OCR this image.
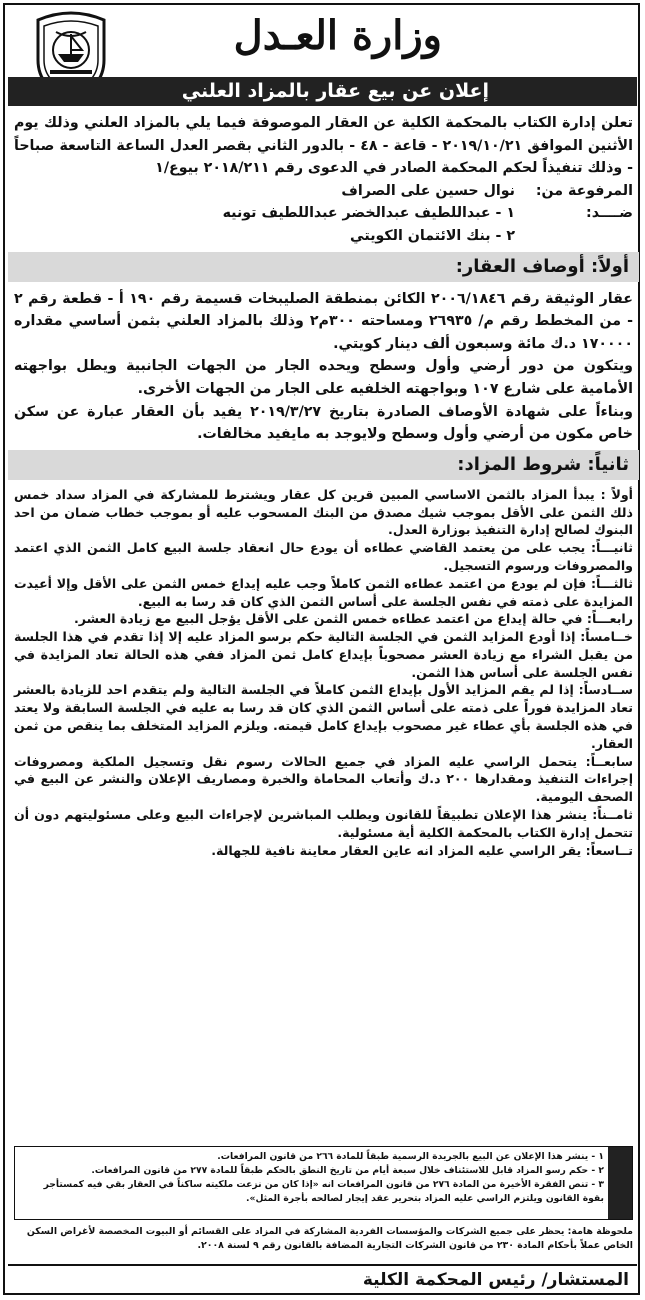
وزارة العـدل
إعلان عن بيع عقار بالمزاد العلني

تعلن إدارة الكتاب بالمحكمة الكلية عن العقار الموصوفة فيما يلي بالمزاد العلني وذلك يوم الأثنين الموافق ٢٠١٩/١٠/٢١ - قاعة - ٤٨ - بالدور الثاني بقصر العدل الساعة التاسعة صباحاً - وذلك تنفيذاً لحكم المحكمة الصادر في الدعوى رقم ٢٠١٨/٢١١ بيوع/١

المرفوعة من:
نوال حسين على الصراف
ضــــد:
١ - عبداللطيف عبدالخضر عبداللطيف تونيه
٢ - بنك الائتمان الكويتي
أولاً: أوصاف العقار:

عقار الوثيقة رقم ٢٠٠٦/١٨٤٦ الكائن بمنطقة الصليبخات قسيمة رقم ١٩٠ أ - قطعة رقم ٢ - من المخطط رقم م/ ٢٦٩٣٥ ومساحته ٣٠٠م٢ وذلك بالمزاد العلني بثمن أساسي مقداره ١٧٠٠٠٠ د.ك مائة وسبعون ألف دينار كويتي.

ويتكون من دور أرضي وأول وسطح ويحده الجار من الجهات الجانبية ويطل بواجهته الأمامية على شارع ١٠٧ وبواجهته الخلفيه على الجار من الجهات الأخرى.

وبناءاً على شهادة الأوصاف الصادرة بتاريخ ٢٠١٩/٣/٢٧ يفيد بأن العقار عبارة عن سكن خاص مكون من أرضي وأول وسطح ولايوجد به مايفيد مخالفات.

ثانياً: شروط المزاد:

أولاً : يبدأ المزاد بالثمن الاساسي المبين قرين كل عقار ويشترط للمشاركة في المزاد سداد خمس ذلك الثمن على الأقل بموجب شيك مصدق من البنك المسحوب عليه أو بموجب خطاب ضمان من احد البنوك لصالح إدارة التنفيذ بوزارة العدل.

ثانيـــاً: يجب على من يعتمد القاضي عطاءه أن يودع حال انعقاد جلسة البيع كامل الثمن الذي اعتمد والمصروفات ورسوم التسجيل.

ثالثـــاً: فإن لم يودع من اعتمد عطاءه الثمن كاملاً وجب عليه إيداع خمس الثمن على الأقل وإلا أعيدت المزايدة على ذمته في نفس الجلسة على أساس الثمن الذي كان قد رسا به البيع.

رابعـــاً: في حالة إيداع من اعتمد عطاءه خمس الثمن على الأقل يؤجل البيع مع زيادة العشر.

خــامساً: إذا أودع المزايد الثمن في الجلسة التالية حكم برسو المزاد عليه إلا إذا تقدم في هذا الجلسة من يقبل الشراء مع زيادة العشر مصحوباً بإيداع كامل ثمن المزاد ففي هذه الحالة تعاد المزايدة في نفس الجلسة على أساس هذا الثمن.

ســادساً: إذا لم يقم المزايد الأول بإيداع الثمن كاملاً في الجلسة التالية ولم يتقدم احد للزيادة بالعشر تعاد المزايدة فوراً على ذمته على أساس الثمن الذي كان قد رسا به عليه في الجلسة السابقة ولا يعتد في هذه الجلسة بأي عطاء غير مصحوب بإيداع كامل قيمته. ويلزم المزايد المتخلف بما ينقص من ثمن العقار.

سابعــاً: يتحمل الراسي عليه المزاد في جميع الحالات رسوم نقل وتسجيل الملكية ومصروفات إجراءات التنفيذ ومقدارها ٢٠٠ د.ك وأتعاب المحاماة والخبرة ومصاريف الإعلان والنشر عن البيع في الصحف اليومية.

ثامــناً: ينشر هذا الإعلان تطبيقاً للقانون ويطلب المباشرين لإجراءات البيع وعلى مسئوليتهم دون أن تتحمل إدارة الكتاب بالمحكمة الكلية أية مسئولية.

تــاسعاً: يقر الراسي عليه المزاد انه عاين العقار معاينة نافية للجهالة.

١ - ينشر هذا الإعلان عن البيع بالجريدة الرسمية طبقاً للمادة ٢٦٦ من قانون المرافعات.

٢ - حكم رسو المزاد قابل للاستئناف خلال سبعة أيام من تاريخ النطق بالحكم طبقاً للمادة ٢٧٧ من قانون المرافعات.

٣ - تنص الفقرة الأخيرة من المادة ٢٧٦ من قانون المرافعات انه «إذا كان من نزعت ملكيته ساكناً في العقار بقي فيه كمستأجر بقوة القانون ويلتزم الراسي عليه المزاد بتحرير عقد إيجار لصالحه بأجرة المثل».

ملحوظة هامة: يحظر على جميع الشركات والمؤسسات الفردية المشاركة في المزاد على القسائم أو البيوت المخصصة لأغراض السكن الخاص عملاً بأحكام المادة ٢٣٠ من قانون الشركات التجارية المضافة بالقانون رقم ٩ لسنة ٢٠٠٨.

المستشار/ رئيس المحكمة الكلية
